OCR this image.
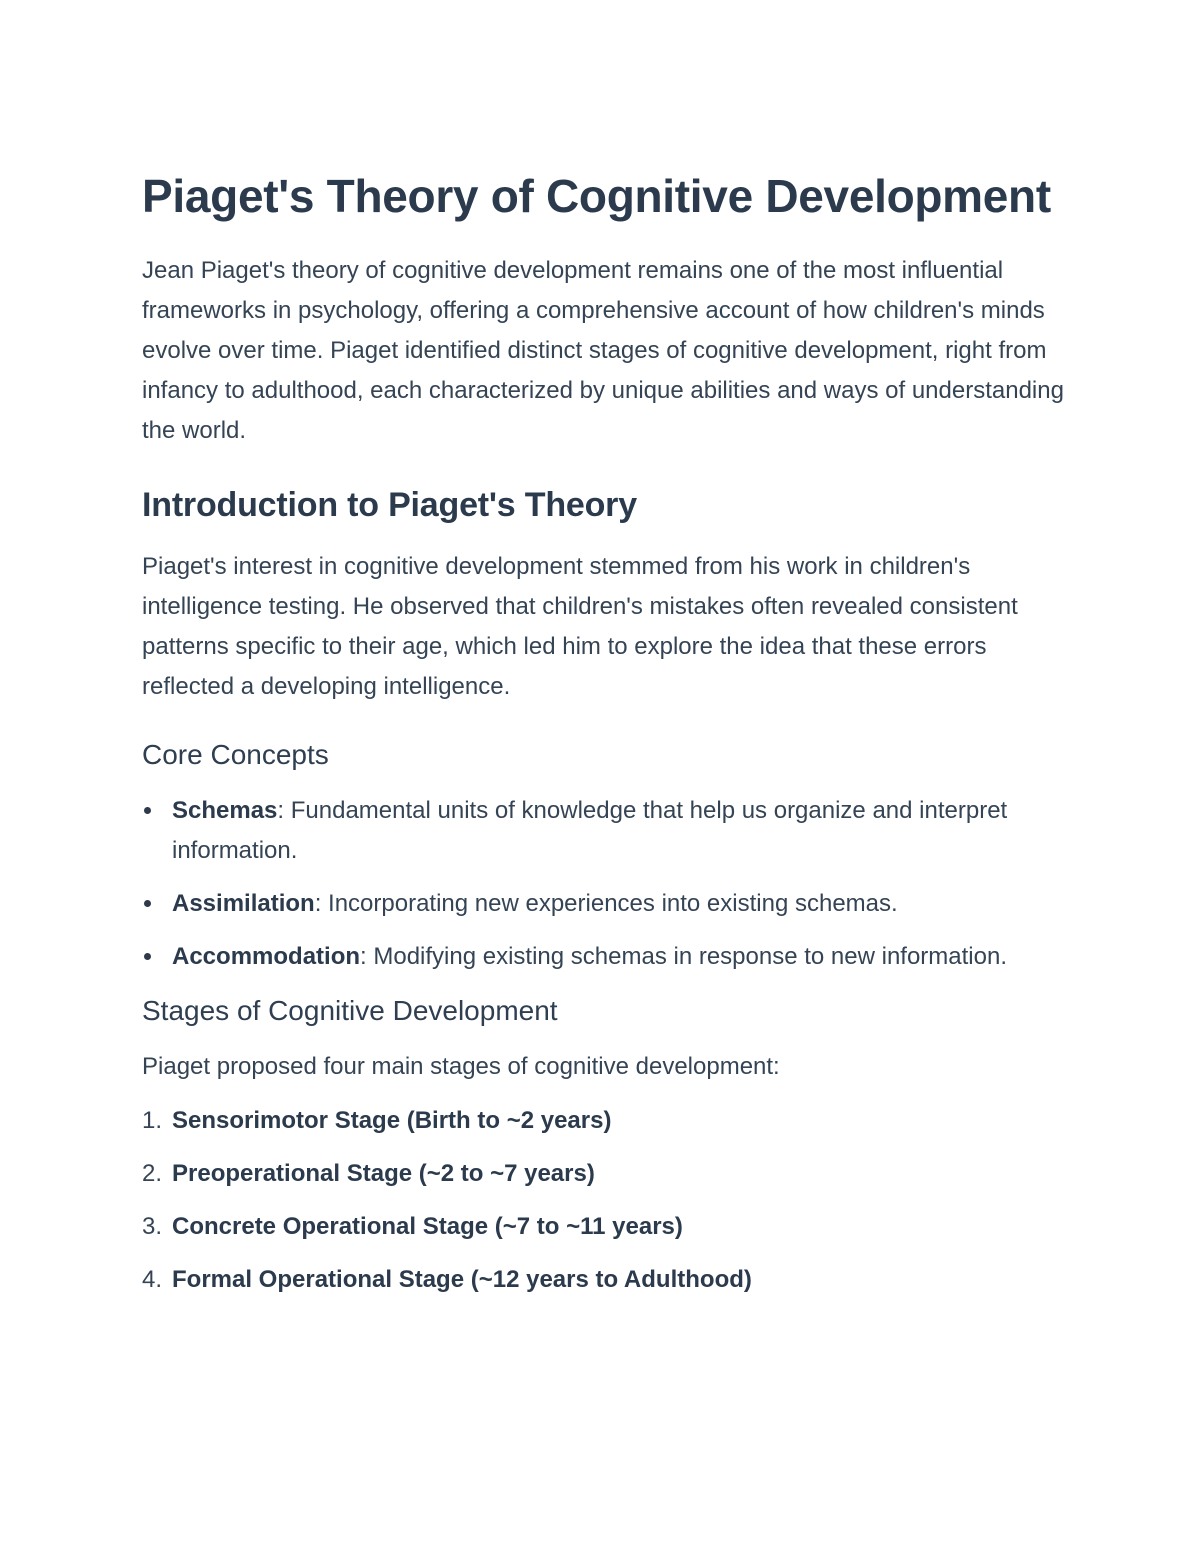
Piaget's Theory of Cognitive Development

Jean Piaget's theory of cognitive development remains one of the most influential frameworks in psychology, offering a comprehensive account of how children's minds evolve over time. Piaget identified distinct stages of cognitive development, right from infancy to adulthood, each characterized by unique abilities and ways of understanding the world.

Introduction to Piaget's Theory

Piaget's interest in cognitive development stemmed from his work in children's intelligence testing. He observed that children's mistakes often revealed consistent patterns specific to their age, which led him to explore the idea that these errors reflected a developing intelligence.

Core Concepts
Schemas: Fundamental units of knowledge that help us organize and interpret information.
Assimilation: Incorporating new experiences into existing schemas.
Accommodation: Modifying existing schemas in response to new information.
Stages of Cognitive Development

Piaget proposed four main stages of cognitive development:

1. Sensorimotor Stage (Birth to ~2 years)
2. Preoperational Stage (~2 to ~7 years)
3. Concrete Operational Stage (~7 to ~11 years)
4. Formal Operational Stage (~12 years to Adulthood)
